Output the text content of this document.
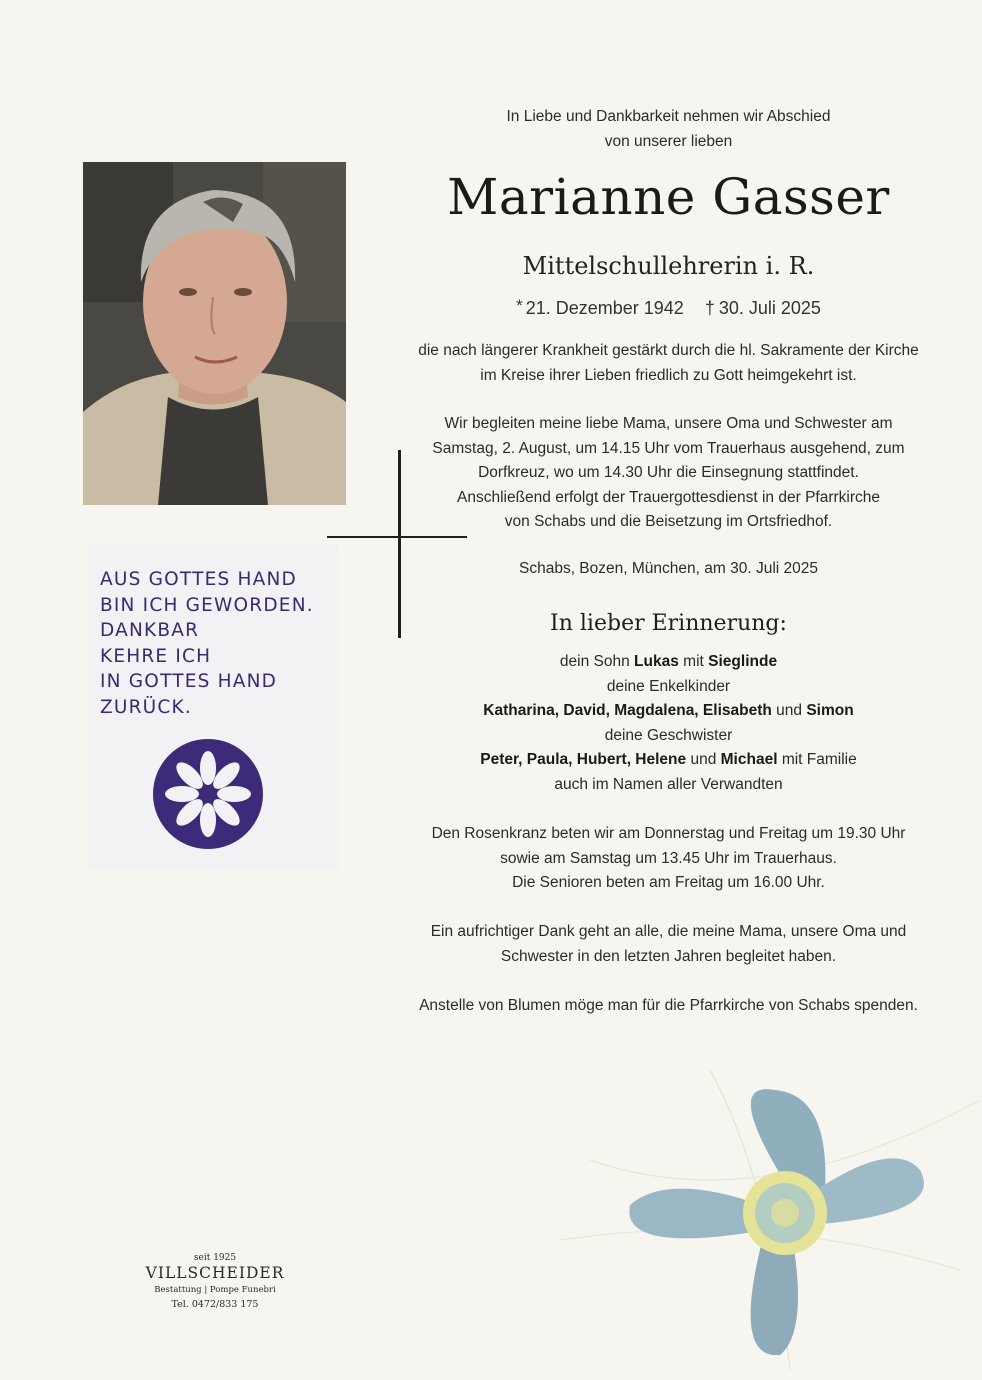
AUS GOTTES HAND
BIN ICH GEWORDEN.
DANKBAR
KEHRE ICH
IN GOTTES HAND
ZURÜCK.
In Liebe und Dankbarkeit nehmen wir Abschied
von unserer lieben
Marianne Gasser
Mittelschullehrerin i. R.
* 21. Dezember 1942 † 30. Juli 2025
die nach längerer Krankheit gestärkt durch die hl. Sakramente der Kirche
im Kreise ihrer Lieben friedlich zu Gott heimgekehrt ist.
Wir begleiten meine liebe Mama, unsere Oma und Schwester am
Samstag, 2. August, um 14.15 Uhr vom Trauerhaus ausgehend, zum
Dorfkreuz, wo um 14.30 Uhr die Einsegnung stattfindet.
Anschließend erfolgt der Trauergottesdienst in der Pfarrkirche
von Schabs und die Beisetzung im Ortsfriedhof.
Schabs, Bozen, München, am 30. Juli 2025
In lieber Erinnerung:
dein Sohn Lukas mit Sieglinde
deine Enkelkinder
Katharina, David, Magdalena, Elisabeth und Simon
deine Geschwister
Peter, Paula, Hubert, Helene und Michael mit Familie
auch im Namen aller Verwandten
Den Rosenkranz beten wir am Donnerstag und Freitag um 19.30 Uhr
sowie am Samstag um 13.45 Uhr im Trauerhaus.
Die Senioren beten am Freitag um 16.00 Uhr.
Ein aufrichtiger Dank geht an alle, die meine Mama, unsere Oma und
Schwester in den letzten Jahren begleitet haben.
Anstelle von Blumen möge man für die Pfarrkirche von Schabs spenden.
seit 1925
VILLSCHEIDER
Bestattung | Pompe Funebri
Tel. 0472/833 175
